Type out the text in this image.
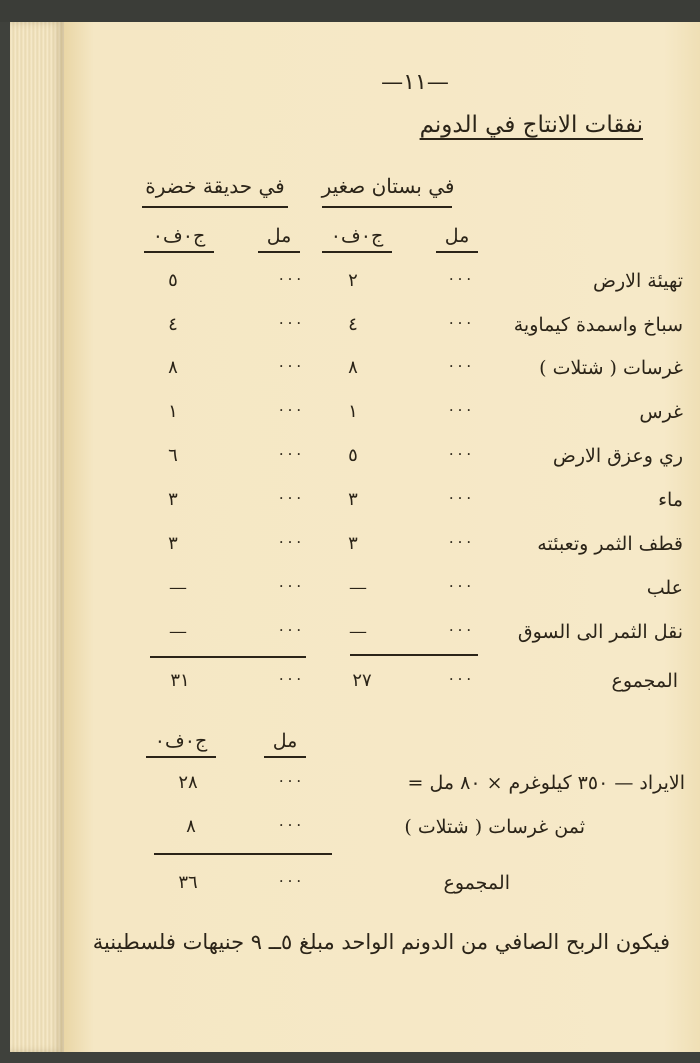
—١١—
نفقات الانتاج في الدونم
في بستان صغير
في حديقة خضرة
مل
ج٠ف٠
مل
ج٠ف٠
تهيئة الارض
···
٢
···
٥
سباخ واسمدة كيماوية
···
٤
···
٤
غرسات ( شتلات )
···
٨
···
٨
غرس
···
١
···
١
ري وعزق الارض
···
٥
···
٦
ماء
···
٣
···
٣
قطف الثمر وتعبئته
···
٣
···
٣
علب
···
—
···
—
نقل الثمر الى السوق
···
—
···
—
المجموع
···
٢٧
···
٣١
مل
ج٠ف٠
الايراد — ٣٥٠ كيلوغرم × ٨٠ مل =
···
٢٨
ثمن غرسات ( شتلات )
···
٨
المجموع
···
٣٦
فيكون الربح الصافي من الدونم الواحد مبلغ ٥ــ ٩ جنيهات فلسطينية
